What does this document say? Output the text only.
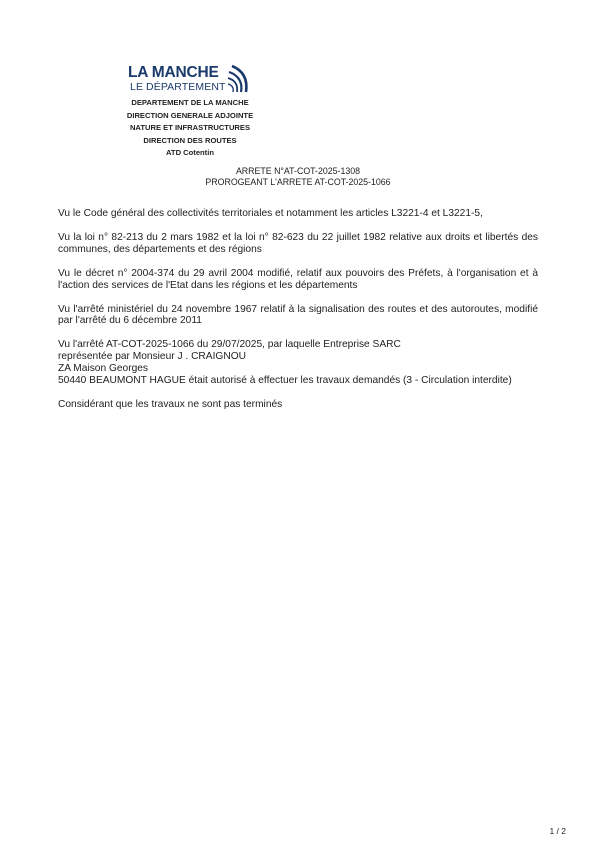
LA MANCHE
LE DÉPARTEMENT
DEPARTEMENT DE LA MANCHE
DIRECTION GENERALE ADJOINTE
NATURE ET INFRASTRUCTURES
DIRECTION DES ROUTES
ATD Cotentin
ARRETE N°AT-COT-2025-1308
PROROGEANT L'ARRETE AT-COT-2025-1066

Vu le Code général des collectivités territoriales et notamment les articles L3221-4 et L3221-5,

Vu la loi n° 82-213 du 2 mars 1982 et la loi n° 82-623 du 22 juillet 1982 relative aux droits et libertés des communes, des départements et des régions

Vu le décret n° 2004-374 du 29 avril 2004 modifié, relatif aux pouvoirs des Préfets, à l'organisation et à l'action des services de l'Etat dans les régions et les départements

Vu l'arrêté ministériel du 24 novembre 1967 relatif à la signalisation des routes et des autoroutes, modifié par l'arrêté du 6 décembre 2011

Vu l'arrêté AT-COT-2025-1066 du 29/07/2025, par laquelle Entreprise SARC
représentée par Monsieur J . CRAIGNOU
ZA Maison Georges
50440 BEAUMONT HAGUE était autorisé à effectuer les travaux demandés (3 - Circulation interdite)

Considérant que les travaux ne sont pas terminés

1 / 2
